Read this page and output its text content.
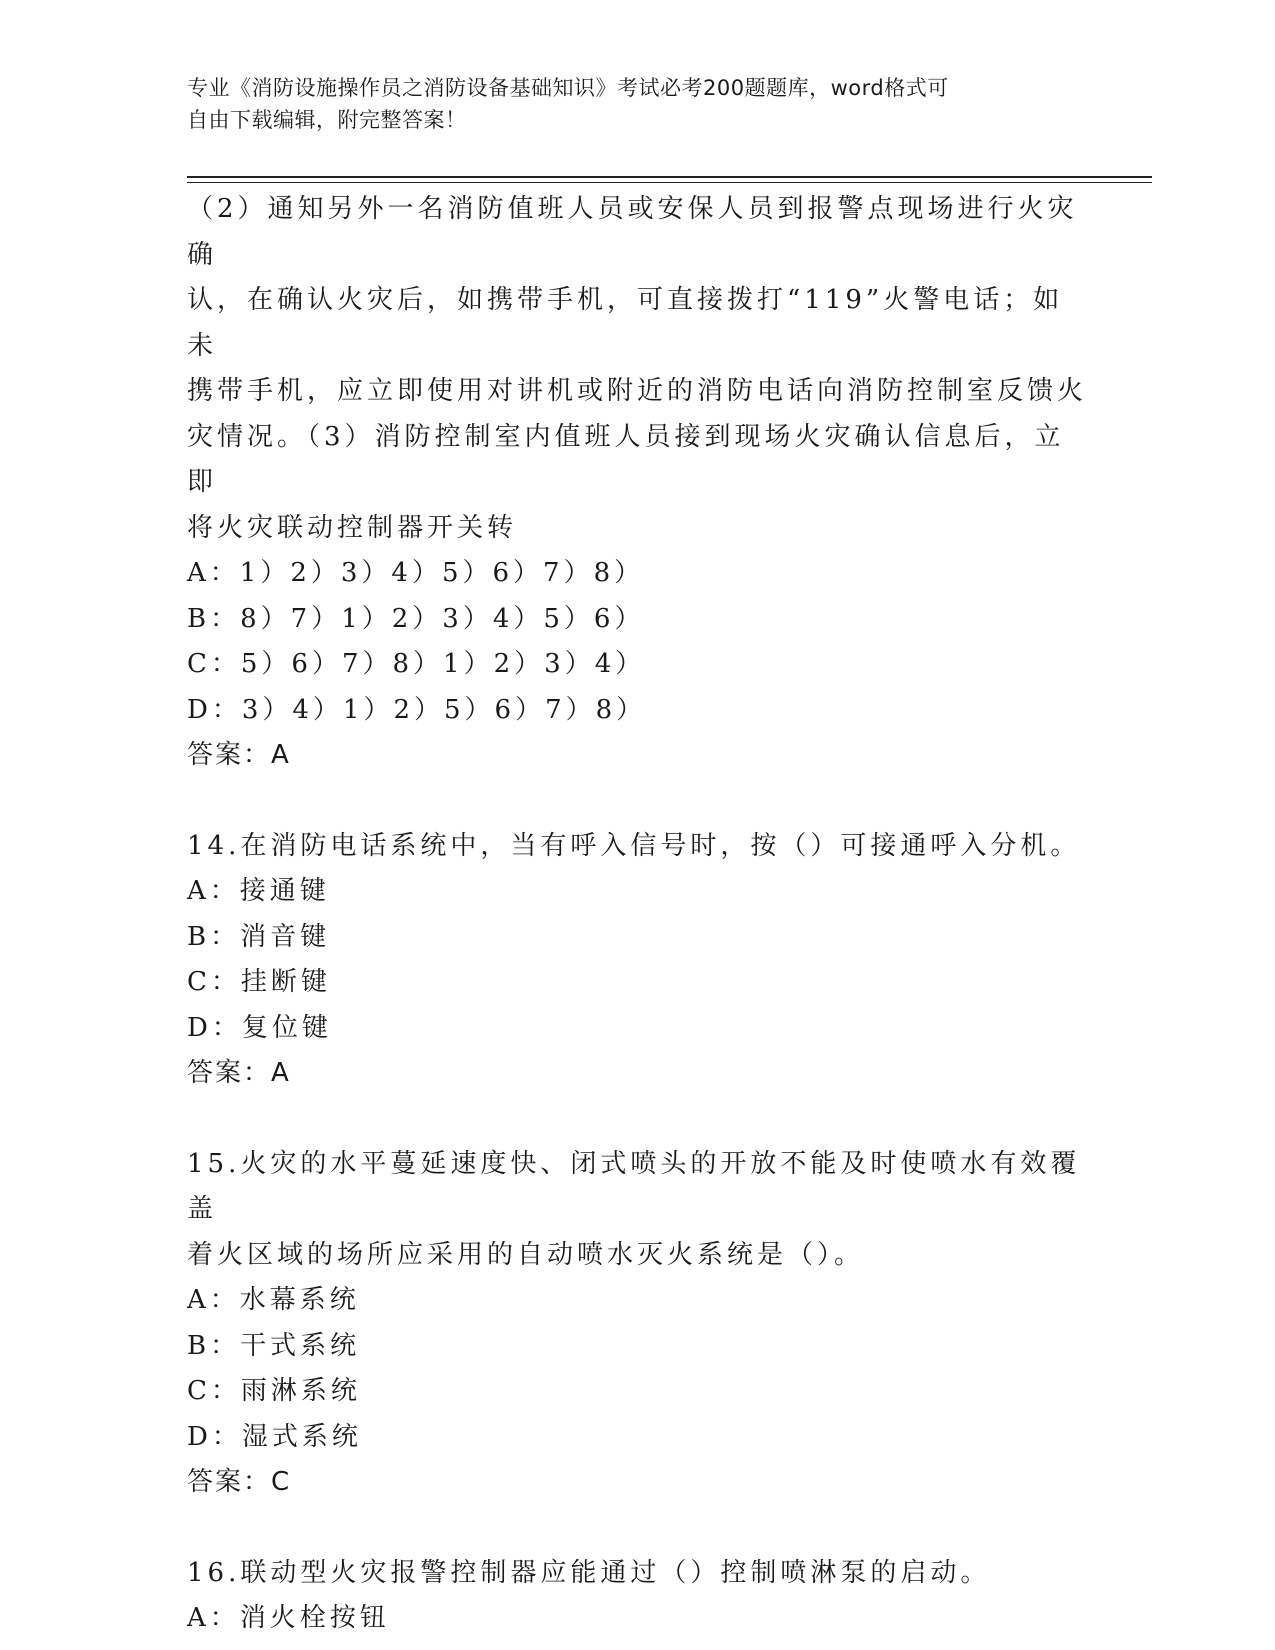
专业《消防设施操作员之消防设备基础知识》考试必考200题题库，word格式可
自由下载编辑，附完整答案！

（2）通知另外一名消防值班人员或安保人员到报警点现场进行火灾确

认，在确认火灾后，如携带手机，可直接拨打“119”火警电话；如未

携带手机，应立即使用对讲机或附近的消防电话向消防控制室反馈火

灾情况。（3）消防控制室内值班人员接到现场火灾确认信息后，立即

将火灾联动控制器开关转

A：1）2）3）4）5）6）7）8）

B：8）7）1）2）3）4）5）6）

C：5）6）7）8）1）2）3）4）

D：3）4）1）2）5）6）7）8）

答案：A

14.在消防电话系统中，当有呼入信号时，按（）可接通呼入分机。

A：接通键

B：消音键

C：挂断键

D：复位键

答案：A

15.火灾的水平蔓延速度快、闭式喷头的开放不能及时使喷水有效覆盖

着火区域的场所应采用的自动喷水灭火系统是（）。

A：水幕系统

B：干式系统

C：雨淋系统

D：湿式系统

答案：C

16.联动型火灾报警控制器应能通过（）控制喷淋泵的启动。

A：消火栓按钮
